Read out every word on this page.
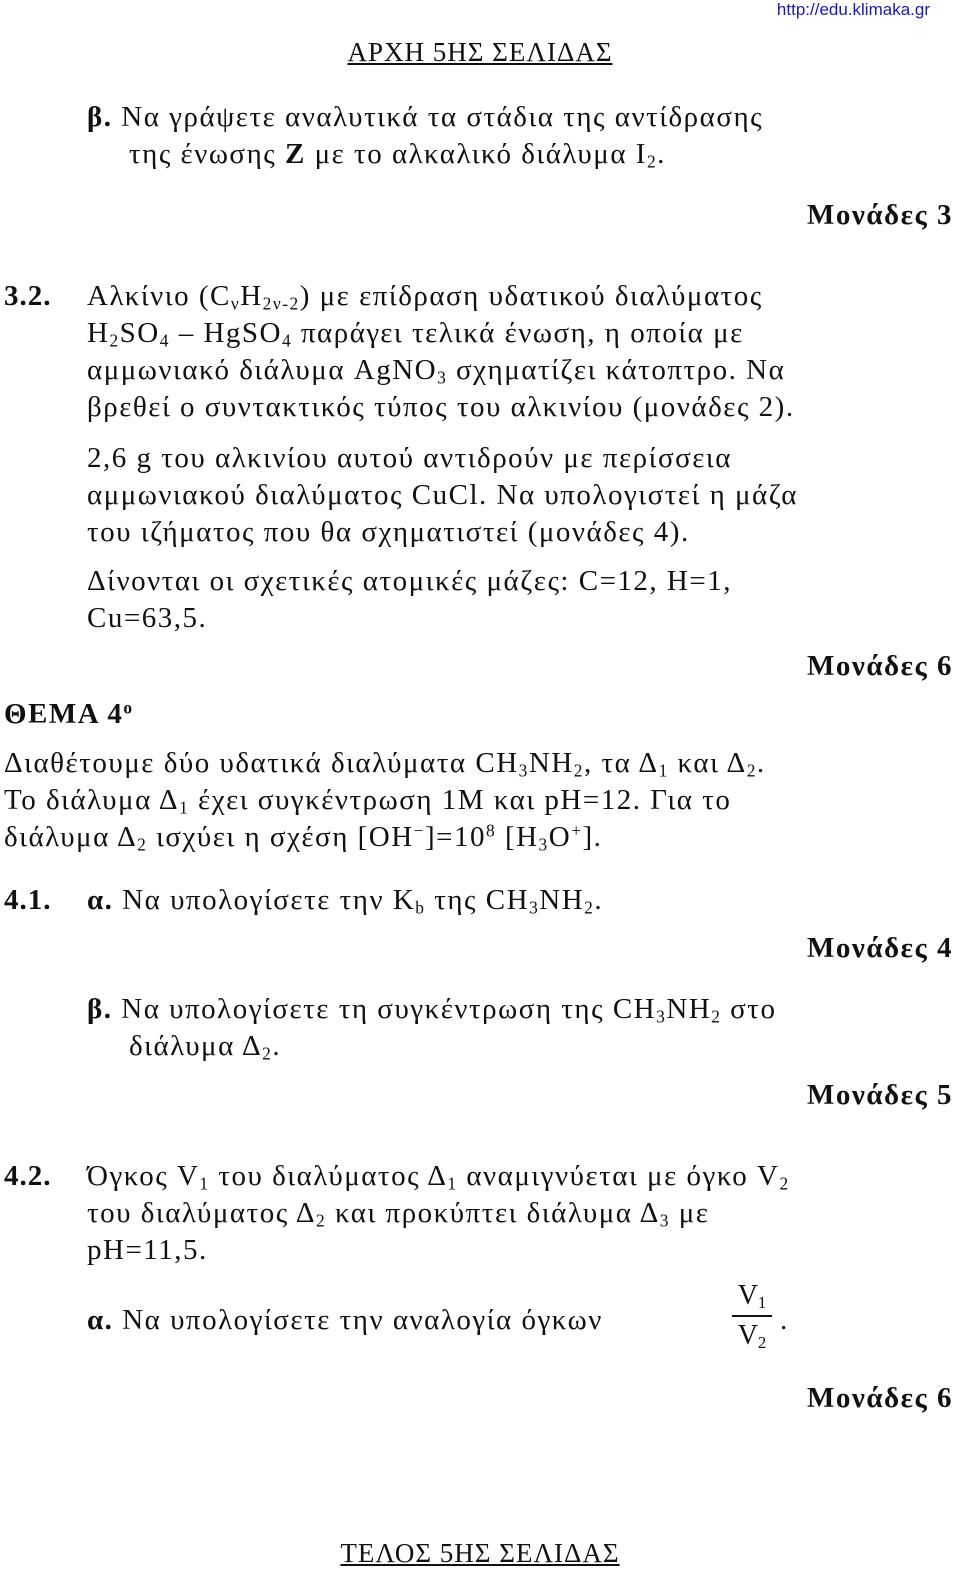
http://edu.klimaka.gr
ΑΡΧΗ 5ΗΣ ΣΕΛΙΔΑΣ
β. Να γράψετε αναλυτικά τα στάδια της αντίδρασης
της ένωσης Z με το αλκαλικό διάλυμα $I_2$.
Μονάδες 3
3.2. Αλκίνιο $(C_\nu H_{2\nu-2})$ με επίδραση υδατικού διαλύματος
$H_2SO_4$ – HgSO$_4$ παράγει τελικά ένωση, η οποία με
αμμωνιακό διάλυμα AgNO$_3$ σχηματίζει κάτοπτρο. Να
βρεθεί ο συντακτικός τύπος του αλκινίου (μονάδες 2).
2,6 g του αλκινίου αυτού αντιδρούν με περίσσεια
αμμωνιακού διαλύματος CuCl. Να υπολογιστεί η μάζα
του ιζήματος που θα σχηματιστεί (μονάδες 4).
Δίνονται οι σχετικές ατομικές μάζες: C=12, H=1,
Cu=63,5.
Μονάδες 6
ΘΕΜΑ $4^o$
Διαθέτουμε δύο υδατικά διαλύματα $CH_3NH_2$, τα $\Delta_1$ και $\Delta_2$.
Το διάλυμα $\Delta_1$ έχει συγκέντρωση 1M και pH=12. Για το
διάλυμα $\Delta_2$ ισχύει η σχέση $[OH^-]=10^8$ $[H_3O^+]$.
4.1. α. Να υπολογίσετε την $K_b$ της $CH_3NH_2$.
Μονάδες 4
β. Να υπολογίσετε τη συγκέντρωση της $CH_3NH_2$ στο
διάλυμα $\Delta_2$.
Μονάδες 5
4.2. Όγκος $V_1$ του διαλύματος $\Delta_1$ αναμιγνύεται με όγκο $V_2$
του διαλύματος $\Delta_2$ και προκύπτει διάλυμα $\Delta_3$ με
pH=11,5.
α. Να υπολογίσετε την αναλογία όγκων
$V_1$
$V_2$
.
Μονάδες 6
ΤΕΛΟΣ 5ΗΣ ΣΕΛΙΔΑΣ
